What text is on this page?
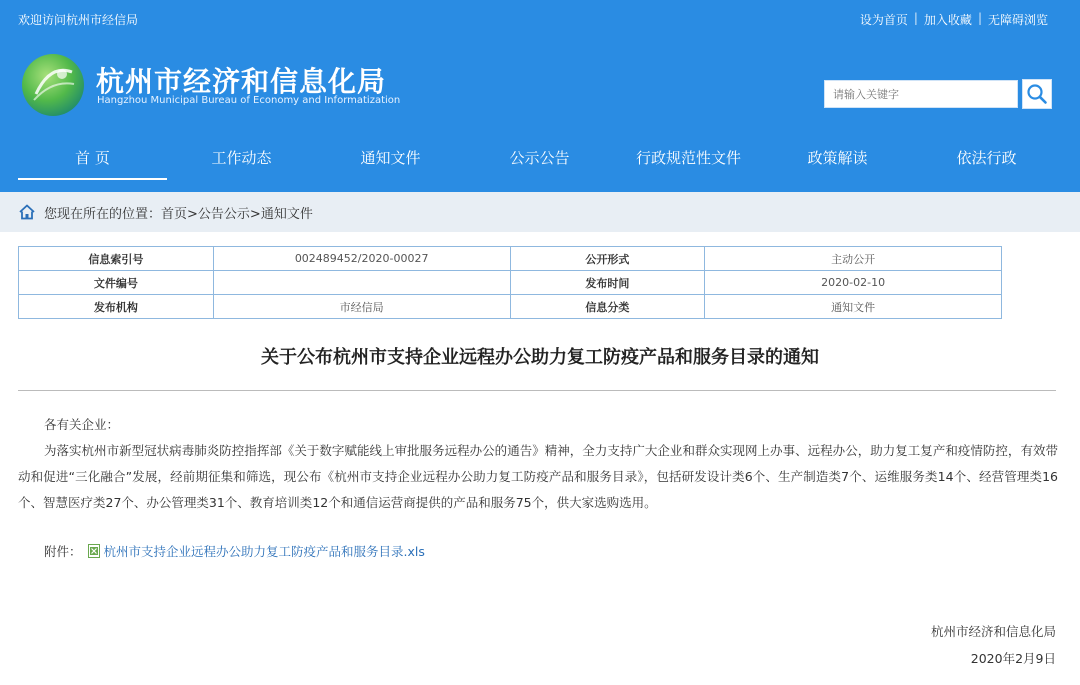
欢迎访问杭州市经信局	设为首页 | 加入收藏 | 无障碍浏览
杭州市经济和信息化局
Hangzhou Municipal Bureau of Economy and Informatization
请输入关键字
首 页	工作动态	通知文件	公示公告	行政规范性文件	政策解读	依法行政
您现在所在的位置： 首页> 公告公示> 通知文件
信息索引号	002489452/2020-00027	公开形式	主动公开
文件编号		发布时间	2020-02-10
发布机构	市经信局	信息分类	通知文件
关于公布杭州市支持企业远程办公助力复工防疫产品和服务目录的通知
各有关企业：
为落实杭州市新型冠状病毒肺炎防控指挥部《关于数字赋能线上审批服务远程办公的通告》精神，全力支持广大企业和群众实现网上办事、远程办公，助力复工复产和疫情防控，有效带动和促进“三化融合”发展，经前期征集和筛选，现公布《杭州市支持企业远程办公助力复工防疫产品和服务目录》，包括研发设计类6个、生产制造类7个、运维服务类14个、经营管理类16个、智慧医疗类27个、办公管理类31个、教育培训类12个和通信运营商提供的产品和服务75个，供大家选购选用。
附件： 杭州市支持企业远程办公助力复工防疫产品和服务目录.xls
杭州市经济和信息化局
2020年2月9日
